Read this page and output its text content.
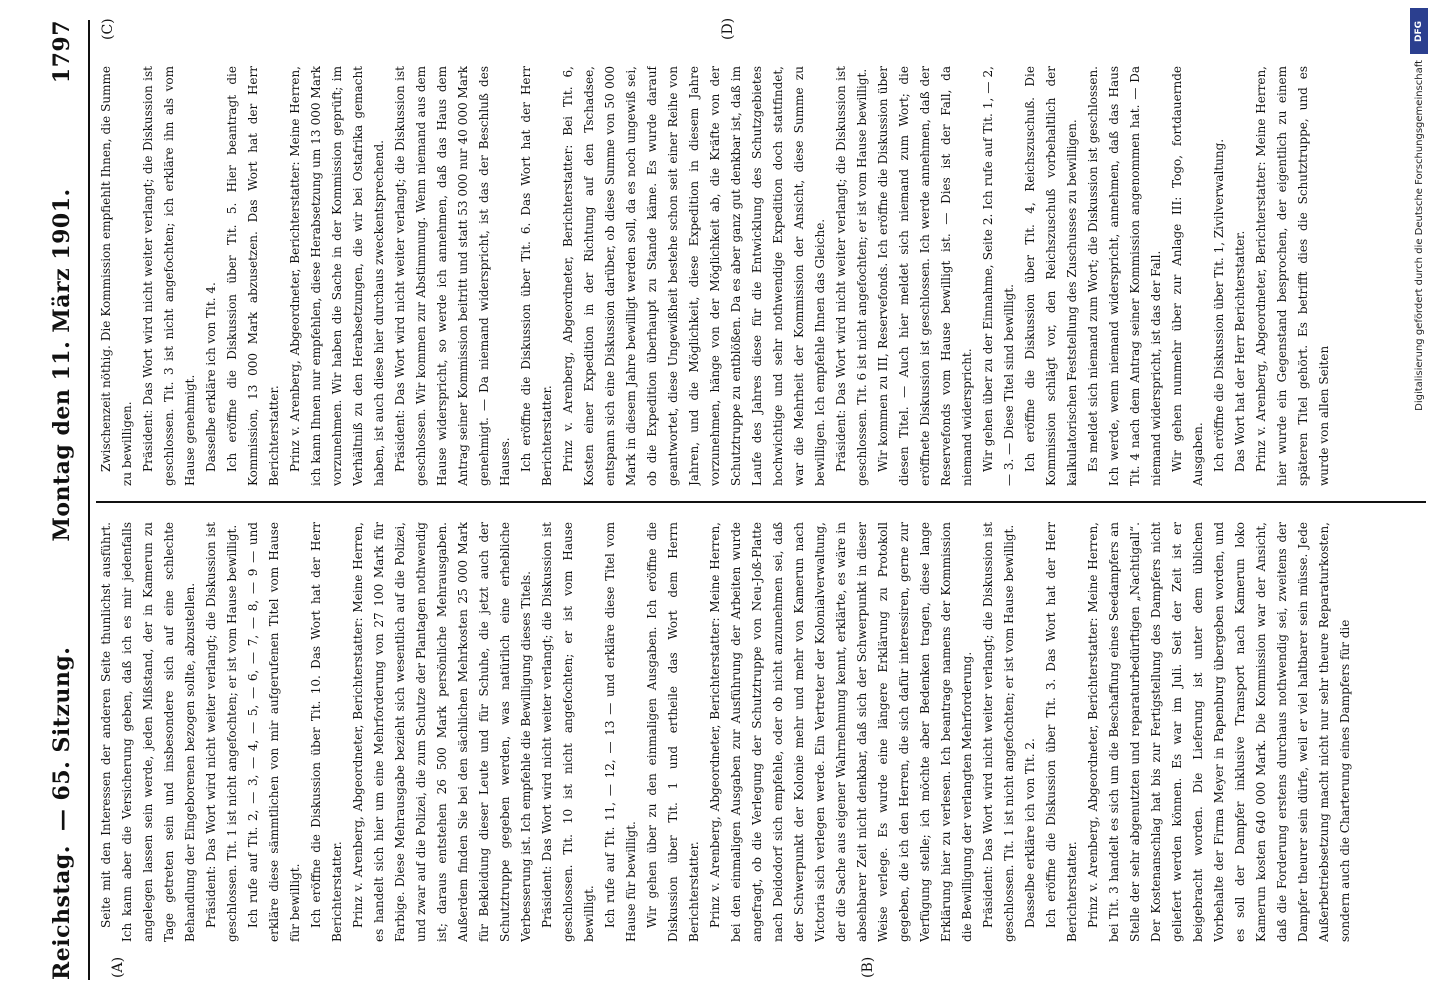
Reichstag.
— 65. Sitzung.
Montag den 11. März 1901.
1797
(A)	(B)
(C)	(D)

Seite mit den Interessen der anderen Seite thunlichst ausführt. Ich kann aber die Versicherung geben, daß ich es mir jedenfalls angelegen lassen sein werde, jeden Mißstand, der in Kamerun zu Tage getreten sein und insbesondere sich auf eine schlechte Behandlung der Eingeborenen bezogen sollte, abzustellen. Präsident: Das Wort wird nicht weiter verlangt; die Diskussion ist geschlossen. Tit. 1 ist nicht angefochten; er ist vom Hause bewilligt. Ich rufe auf Tit. 2, — 3, — 4, — 5, — 6, — 7, — 8, — 9 — und erkläre diese sämmtlichen von mir aufgerufenen Titel vom Hause für bewilligt. Ich eröffne die Diskussion über Tit. 10. Das Wort hat der Herr Berichterstatter. Prinz v. Arenberg, Abgeordneter, Berichterstatter: Meine Herren, es handelt sich hier um eine Mehrforderung von 27 100 Mark für Farbige. Diese Mehrausgabe bezieht sich wesentlich auf die Polizei, und zwar auf die Polizei, die zum Schutze der Plantagen nothwendig ist; daraus entstehen 26 500 Mark persönliche Mehrausgaben. Außerdem finden Sie bei den sächlichen Mehrkosten 25 000 Mark für Bekleidung dieser Leute und für Schuhe, die jetzt auch der Schutztruppe gegeben werden, was natürlich eine erhebliche Verbesserung ist. Ich empfehle die Bewilligung dieses Titels. Präsident: Das Wort wird nicht weiter verlangt; die Diskussion ist geschlossen. Tit. 10 ist nicht angefochten; er ist vom Hause bewilligt. Ich rufe auf Tit. 11, — 12, — 13 — und erkläre diese Titel vom Hause für bewilligt. Wir gehen über zu den einmaligen Ausgaben. Ich eröffne die Diskussion über Tit. 1 und ertheile das Wort dem Herrn Berichterstatter. Prinz v. Arenberg, Abgeordneter, Berichterstatter: Meine Herren, bei den einmaligen Ausgaben zur Ausführung der Arbeiten wurde angefragt, ob die Verlegung der Schutztruppe von Neu-Joß-Platte nach Deidodorf sich empfehle, oder ob nicht anzunehmen sei, daß der Schwerpunkt der Kolonie mehr und mehr von Kamerun nach Victoria sich verlegen werde. Ein Vertreter der Kolonialverwaltung, der die Sache aus eigener Wahrnehmung kennt, erklärte, es wäre in absehbarer Zeit nicht denkbar, daß sich der Schwerpunkt in dieser Weise verlege. Es wurde eine längere Erklärung zu Protokoll gegeben, die ich den Herren, die sich dafür interessiren, gerne zur Verfügung stelle; ich möchte aber Bedenken tragen, diese lange Erklärung hier zu verlesen. Ich beantrage namens der Kommission die Bewilligung der verlangten Mehrforderung. Präsident: Das Wort wird nicht weiter verlangt; die Diskussion ist geschlossen. Tit. 1 ist nicht angefochten; er ist vom Hause bewilligt. Dasselbe erkläre ich von Tit. 2. Ich eröffne die Diskussion über Tit. 3. Das Wort hat der Herr Berichterstatter. Prinz v. Arenberg, Abgeordneter, Berichterstatter: Meine Herren, bei Tit. 3 handelt es sich um die Beschaffung eines Seedampfers an Stelle der sehr abgenutzten und reparaturbedürftigen „Nachtigall“. Der Kostenanschlag hat bis zur Fertigstellung des Dampfers nicht geliefert werden können. Es war im Juli. Seit der Zeit ist er beigebracht worden. Die Lieferung ist unter dem üblichen Vorbehalte der Firma Meyer in Papenburg übergeben worden, und es soll der Dampfer inklusive Transport nach Kamerun loko Kamerun kosten 640 000 Mark. Die Kommission war der Ansicht, daß die Forderung erstens durchaus nothwendig sei, zweitens der Dampfer theurer sein dürfe, weil er viel haltbarer sein müsse. Jede Außerbetriebsetzung macht nicht nur sehr theure Reparaturkosten, sondern auch die Charterung eines Dampfers für die

Zwischenzeit nöthig. Die Kommission empfiehlt Ihnen, die Summe zu bewilligen. Präsident: Das Wort wird nicht weiter verlangt; die Diskussion ist geschlossen. Tit. 3 ist nicht angefochten; ich erkläre ihn als vom Hause genehmigt. Dasselbe erkläre ich von Tit. 4. Ich eröffne die Diskussion über Tit. 5. Hier beantragt die Kommission, 13 000 Mark abzusetzen. Das Wort hat der Herr Berichterstatter. Prinz v. Arenberg, Abgeordneter, Berichterstatter: Meine Herren, ich kann Ihnen nur empfehlen, diese Herabsetzung um 13 000 Mark vorzunehmen. Wir haben die Sache in der Kommission geprüft; im Verhältniß zu den Herabsetzungen, die wir bei Ostafrika gemacht haben, ist auch diese hier durchaus zweckentsprechend. Präsident: Das Wort wird nicht weiter verlangt; die Diskussion ist geschlossen. Wir kommen zur Abstimmung. Wenn niemand aus dem Hause widerspricht, so werde ich annehmen, daß das Haus dem Antrag seiner Kommission beitritt und statt 53 000 nur 40 000 Mark genehmigt. — Da niemand widerspricht, ist das der Beschluß des Hauses. Ich eröffne die Diskussion über Tit. 6. Das Wort hat der Herr Berichterstatter. Prinz v. Arenberg, Abgeordneter, Berichterstatter: Bei Tit. 6, Kosten einer Expedition in der Richtung auf den Tschadsee, entspann sich eine Diskussion darüber, ob diese Summe von 50 000 Mark in diesem Jahre bewilligt werden soll, da es noch ungewiß sei, ob die Expedition überhaupt zu Stande käme. Es wurde darauf geantwortet, diese Ungewißheit bestehe schon seit einer Reihe von Jahren, und die Möglichkeit, diese Expedition in diesem Jahre vorzunehmen, hänge von der Möglichkeit ab, die Kräfte von der Schutztruppe zu entblößen. Da es aber ganz gut denkbar ist, daß im Laufe des Jahres diese für die Entwicklung des Schutzgebietes hochwichtige und sehr nothwendige Expedition doch stattfindet, war die Mehrheit der Kommission der Ansicht, diese Summe zu bewilligen. Ich empfehle Ihnen das Gleiche. Präsident: Das Wort wird nicht weiter verlangt; die Diskussion ist geschlossen. Tit. 6 ist nicht angefochten; er ist vom Hause bewilligt. Wir kommen zu III, Reservefonds. Ich eröffne die Diskussion über diesen Titel. — Auch hier meldet sich niemand zum Wort; die eröffnete Diskussion ist geschlossen. Ich werde annehmen, daß der Reservefonds vom Hause bewilligt ist. — Dies ist der Fall, da niemand widerspricht. Wir gehen über zu der Einnahme, Seite 2. Ich rufe auf Tit. 1, — 2, — 3. — Diese Titel sind bewilligt. Ich eröffne die Diskussion über Tit. 4, Reichszuschuß. Die Kommission schlägt vor, den Reichszuschuß vorbehaltlich der kalkulatorischen Feststellung des Zuschusses zu bewilligen. Es meldet sich niemand zum Wort; die Diskussion ist geschlossen. Ich werde, wenn niemand widerspricht, annehmen, daß das Haus Tit. 4 nach dem Antrag seiner Kommission angenommen hat. — Da niemand widerspricht, ist das der Fall. Wir gehen nunmehr über zur Anlage III: Togo, fortdauernde Ausgaben. Ich eröffne die Diskussion über Tit. 1, Zivilverwaltung. Das Wort hat der Herr Berichterstatter. Prinz v. Arenberg, Abgeordneter, Berichterstatter: Meine Herren, hier wurde ein Gegenstand besprochen, der eigentlich zu einem späteren Titel gehört. Es betrifft dies die Schutztruppe, und es wurde von allen Seiten

DFG
Digitalisierung gefördert durch die Deutsche Forschungsgemeinschaft
